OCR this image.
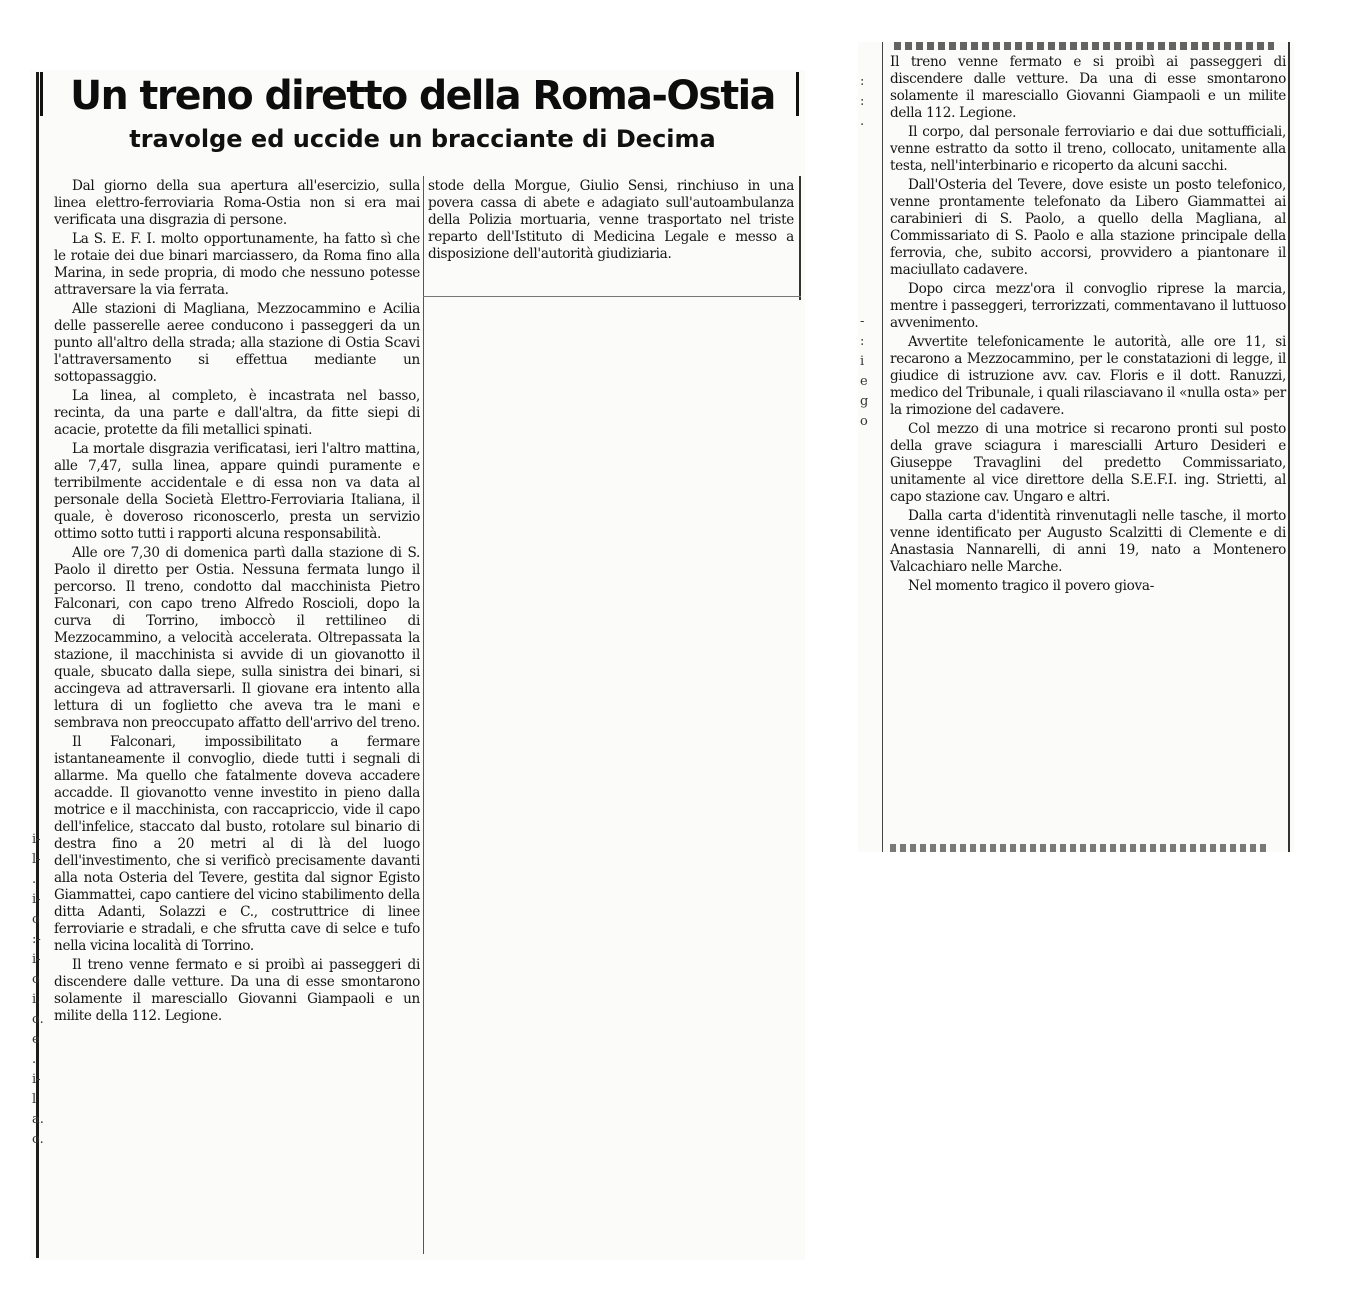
Un treno diretto della Roma-Ostia
travolge ed uccide un bracciante di Decima

Dal giorno della sua apertura all'esercizio, sulla linea elettro-ferroviaria Roma-Ostia non si era mai verificata una disgrazia di persone.

La S. E. F. I. molto opportunamente, ha fatto sì che le rotaie dei due binari marciassero, da Roma fino alla Marina, in sede propria, di modo che nessuno potesse attraversare la via ferrata.

Alle stazioni di Magliana, Mezzocammino e Acilia delle passerelle aeree conducono i passeggeri da un punto all'altro della strada; alla stazione di Ostia Scavi l'attraversamento si effettua mediante un sottopassaggio.

La linea, al completo, è incastrata nel basso, recinta, da una parte e dall'altra, da fitte siepi di acacie, protette da fili metallici spinati.

La mortale disgrazia verificatasi, ieri l'altro mattina, alle 7,47, sulla linea, appare quindi puramente e terribilmente accidentale e di essa non va data al personale della Società Elettro-Ferroviaria Italiana, il quale, è doveroso riconoscerlo, presta un servizio ottimo sotto tutti i rapporti alcuna responsabilità.

Alle ore 7,30 di domenica partì dalla stazione di S. Paolo il diretto per Ostia. Nessuna fermata lungo il percorso. Il treno, condotto dal macchinista Pietro Falconari, con capo treno Alfredo Roscioli, dopo la curva di Torrino, imboccò il rettilineo di Mezzocammino, a velocità accelerata. Oltrepassata la stazione, il macchinista si avvide di un giovanotto il quale, sbucato dalla siepe, sulla sinistra dei binari, si accingeva ad attraversarli. Il giovane era intento alla lettura di un foglietto che aveva tra le mani e sembrava non preoccupato affatto dell'arrivo del treno.

Il Falconari, impossibilitato a fermare istantaneamente il convoglio, diede tutti i segnali di allarme. Ma quello che fatalmente doveva accadere accadde. Il giovanotto venne investito in pieno dalla motrice e il macchinista, con raccapriccio, vide il capo dell'infelice, staccato dal busto, rotolare sul binario di destra fino a 20 metri al di là del luogo dell'investimento, che si verificò precisamente davanti alla nota Osteria del Tevere, gestita dal signor Egisto Giammattei, capo cantiere del vicino stabilimento della ditta Adanti, Solazzi e C., costruttrice di linee ferroviarie e stradali, e che sfrutta cave di selce e tufo nella vicina località di Torrino.

Il treno venne fermato e si proibì ai passeggeri di discendere dalle vetture. Da una di esse smontarono solamente il maresciallo Giovanni Giampaoli e un milite della 112. Legione.

stode della Morgue, Giulio Sensi, rinchiuso in una povera cassa di abete e adagiato sull'autoambulanza della Polizia mortuaria, venne trasportato nel triste reparto dell'Istituto di Medicina Legale e messo a disposizione dell'autorità giudiziaria.

i-
l-
.
i-
o
:-
i-
o
i.
o.
e
.
i-
l
a.
o.
:
:
.
-
:
i
e
g
o

Il treno venne fermato e si proibì ai passeggeri di discendere dalle vetture. Da una di esse smontarono solamente il maresciallo Giovanni Giampaoli e un milite della 112. Legione.

Il corpo, dal personale ferroviario e dai due sottufficiali, venne estratto da sotto il treno, collocato, unitamente alla testa, nell'interbinario e ricoperto da alcuni sacchi.

Dall'Osteria del Tevere, dove esiste un posto telefonico, venne prontamente telefonato da Libero Giammattei ai carabinieri di S. Paolo, a quello della Magliana, al Commissariato di S. Paolo e alla stazione principale della ferrovia, che, subito accorsi, provvidero a piantonare il maciullato cadavere.

Dopo circa mezz'ora il convoglio riprese la marcia, mentre i passeggeri, terrorizzati, commentavano il luttuoso avvenimento.

Avvertite telefonicamente le autorità, alle ore 11, si recarono a Mezzocammino, per le constatazioni di legge, il giudice di istruzione avv. cav. Floris e il dott. Ranuzzi, medico del Tribunale, i quali rilasciavano il «nulla osta» per la rimozione del cadavere.

Col mezzo di una motrice si recarono pronti sul posto della grave sciagura i marescialli Arturo Desideri e Giuseppe Travaglini del predetto Commissariato, unitamente al vice direttore della S.E.F.I. ing. Strietti, al capo stazione cav. Ungaro e altri.

Dalla carta d'identità rinvenutagli nelle tasche, il morto venne identificato per Augusto Scalzitti di Clemente e di Anastasia Nannarelli, di anni 19, nato a Montenero Valcachiaro nelle Marche.

Nel momento tragico il povero giova-
